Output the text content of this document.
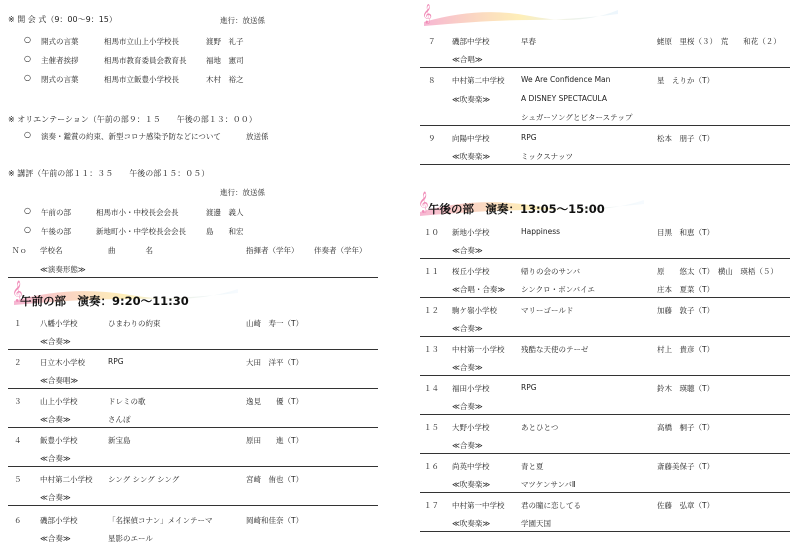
※ 開 会 式（9：00～9：15）	進行：放送係
○ 開式の言葉	相馬市立山上小学校長	渡野　礼子
○ 主催者挨拶	相馬市教育委員会教育長	福地　憲司
○ 閉式の言葉	相馬市立飯豊小学校長	木村　裕之
※ オリエンテーション（午前の部９：１５　　午後の部１３：００）
○ 演奏・鑑賞の約束、新型コロナ感染予防などについて	放送係
※ 講評（午前の部１１：３５　　午後の部１５：０５）
進行：放送係
○ 午前の部	相馬市小・中校長会会長	渡邊　義人
○ 午後の部	新地町小・中学校長会会長	島　　和宏
Ｎｏ 学校名	曲　　　　名	指揮者（学年） 伴奏者（学年）
≪演奏形態≫
𝄞
午前の部　演奏：9:20～11:30
１ 八幡小学校	ひまわりの約束	山崎　寿一（T）
≪合奏≫
２ 日立木小学校	RPG	大田　洋平（T）
≪合奏唱≫
３ 山上小学校	ドレミの歌	逸見　　優（T）
≪合奏≫	さんぽ
４ 飯豊小学校	新宝島	原田　　進（T）
≪合奏≫
５ 中村第二小学校 シング シング シング	宮崎　侑也（T）
≪合奏≫
６ 磯部小学校	「名探偵コナン」メインテーマ	岡崎和佳奈（T）
≪合奏≫	星影のエール
𝄞
７ 磯部中学校	早春	蛯原　里桜（３）　荒　　和花（２）
≪合唱≫
８ 中村第二中学校 We Are Confidence Man	星　えりか（T）
≪吹奏楽≫	A DISNEY SPECTACULA
シュガーソングとビターステップ
９ 向陽中学校	RPG	松本　朋子（T）
≪吹奏楽≫	ミックスナッツ
𝄞 午後の部　演奏：13:05～15:00
１０ 新地小学校	Happiness	目黒　和恵（T）
≪合奏≫
１１ 桜丘小学校	帰りの会のサンバ	原　　悠太（T）　横山　瑛梧（５）
≪合唱・合奏≫ シンクロ・ボンバイエ	庄本　夏菜（T）
１２ 駒ケ嶺小学校	マリーゴールド	加藤　敦子（T）
≪合奏≫
１３ 中村第一小学校 残酷な天使のテーゼ	村上　貴彦（T）
≪合奏≫
１４ 福田小学校	RPG	鈴木　瑛聴（T）
≪合奏≫
１５ 大野小学校	あとひとつ	高橋　桐子（T）
≪合奏≫
１６ 尚英中学校	青と夏	斎藤美保子（T）
≪吹奏楽≫	マツケンサンバⅡ
１７ 中村第一中学校 君の瞳に恋してる	佐藤　弘章（T）
≪吹奏楽≫	学園天国
